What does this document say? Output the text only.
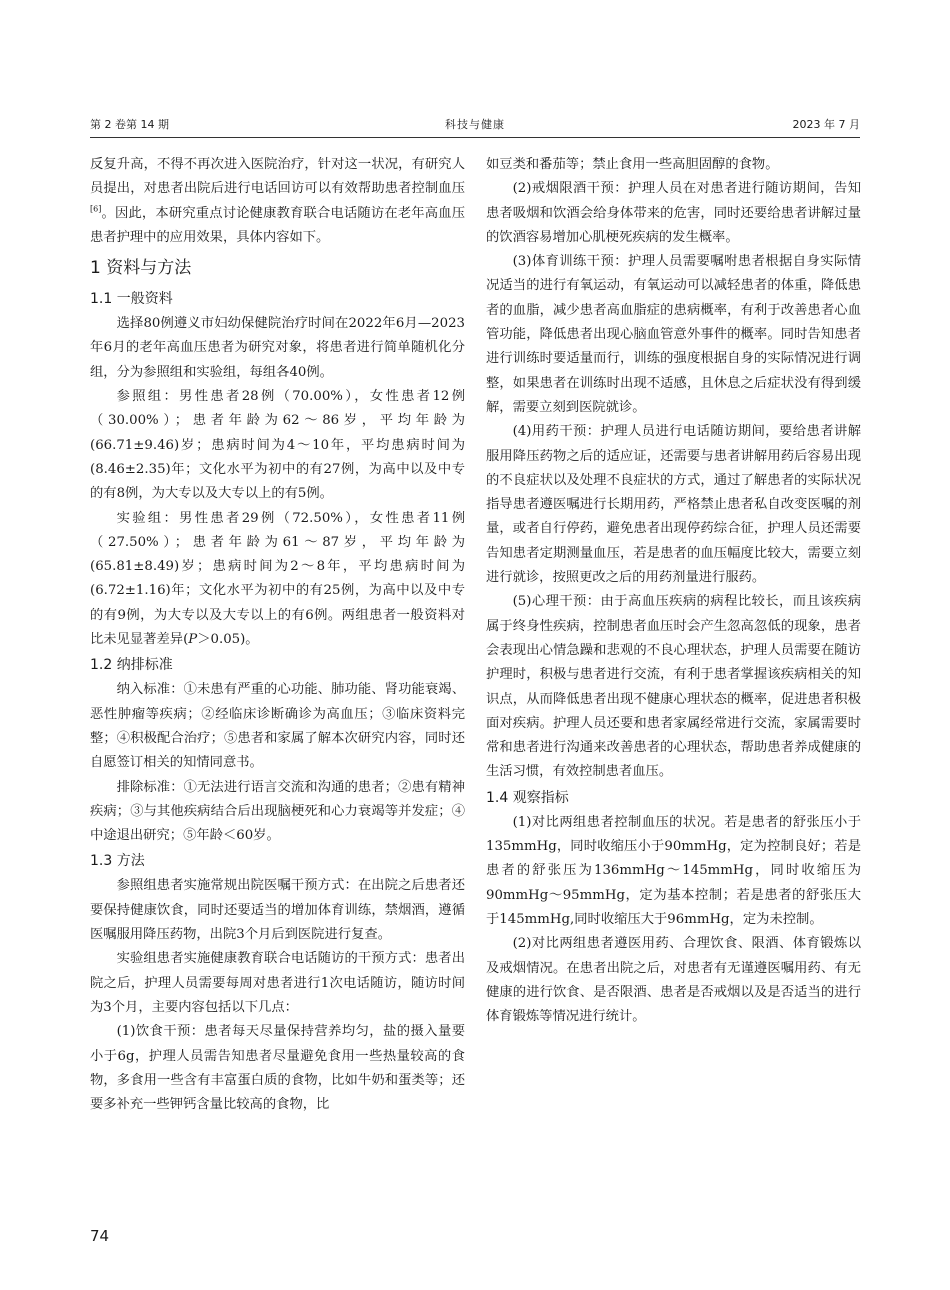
第 2 卷第 14 期	科技与健康	2023 年 7 月

反复升高，不得不再次进入医院治疗，针对这一状况，有研究人员提出，对患者出院后进行电话回访可以有效帮助患者控制血压[6]。因此，本研究重点讨论健康教育联合电话随访在老年高血压患者护理中的应用效果，具体内容如下。

1 资料与方法
1.1 一般资料

选择80例遵义市妇幼保健院治疗时间在2022年6月—2023年6月的老年高血压患者为研究对象，将患者进行简单随机化分组，分为参照组和实验组，每组各40例。

参照组：男性患者28例（70.00%），女性患者12例（30.00%）；患者年龄为62～86岁，平均年龄为(66.71±9.46)岁；患病时间为4～10年，平均患病时间为(8.46±2.35)年；文化水平为初中的有27例，为高中以及中专的有8例，为大专以及大专以上的有5例。

实验组：男性患者29例（72.50%），女性患者11例（27.50%）；患者年龄为61～87岁，平均年龄为(65.81±8.49)岁；患病时间为2～8年，平均患病时间为(6.72±1.16)年；文化水平为初中的有25例，为高中以及中专的有9例，为大专以及大专以上的有6例。两组患者一般资料对比未见显著差异(P＞0.05)。

1.2 纳排标准

纳入标准：①未患有严重的心功能、肺功能、肾功能衰竭、恶性肿瘤等疾病；②经临床诊断确诊为高血压；③临床资料完整；④积极配合治疗；⑤患者和家属了解本次研究内容，同时还自愿签订相关的知情同意书。

排除标准：①无法进行语言交流和沟通的患者；②患有精神疾病；③与其他疾病结合后出现脑梗死和心力衰竭等并发症；④中途退出研究；⑤年龄＜60岁。

1.3 方法

参照组患者实施常规出院医嘱干预方式：在出院之后患者还要保持健康饮食，同时还要适当的增加体育训练，禁烟酒，遵循医嘱服用降压药物，出院3个月后到医院进行复查。

实验组患者实施健康教育联合电话随访的干预方式：患者出院之后，护理人员需要每周对患者进行1次电话随访，随访时间为3个月，主要内容包括以下几点：

(1)饮食干预：患者每天尽量保持营养均匀，盐的摄入量要小于6g，护理人员需告知患者尽量避免食用一些热量较高的食物，多食用一些含有丰富蛋白质的食物，比如牛奶和蛋类等；还要多补充一些钾钙含量比较高的食物，比

如豆类和番茄等；禁止食用一些高胆固醇的食物。

(2)戒烟限酒干预：护理人员在对患者进行随访期间，告知患者吸烟和饮酒会给身体带来的危害，同时还要给患者讲解过量的饮酒容易增加心肌梗死疾病的发生概率。

(3)体育训练干预：护理人员需要嘱咐患者根据自身实际情况适当的进行有氧运动，有氧运动可以减轻患者的体重，降低患者的血脂，减少患者高血脂症的患病概率，有利于改善患者心血管功能，降低患者出现心脑血管意外事件的概率。同时告知患者进行训练时要适量而行，训练的强度根据自身的实际情况进行调整，如果患者在训练时出现不适感，且休息之后症状没有得到缓解，需要立刻到医院就诊。

(4)用药干预：护理人员进行电话随访期间，要给患者讲解服用降压药物之后的适应证，还需要与患者讲解用药后容易出现的不良症状以及处理不良症状的方式，通过了解患者的实际状况指导患者遵医嘱进行长期用药，严格禁止患者私自改变医嘱的剂量，或者自行停药，避免患者出现停药综合征，护理人员还需要告知患者定期测量血压，若是患者的血压幅度比较大，需要立刻进行就诊，按照更改之后的用药剂量进行服药。

(5)心理干预：由于高血压疾病的病程比较长，而且该疾病属于终身性疾病，控制患者血压时会产生忽高忽低的现象，患者会表现出心情急躁和悲观的不良心理状态，护理人员需要在随访护理时，积极与患者进行交流，有利于患者掌握该疾病相关的知识点，从而降低患者出现不健康心理状态的概率，促进患者积极面对疾病。护理人员还要和患者家属经常进行交流，家属需要时常和患者进行沟通来改善患者的心理状态，帮助患者养成健康的生活习惯，有效控制患者血压。

1.4 观察指标

(1)对比两组患者控制血压的状况。若是患者的舒张压小于135mmHg，同时收缩压小于90mmHg，定为控制良好；若是患者的舒张压为136mmHg～145mmHg，同时收缩压为90mmHg～95mmHg，定为基本控制；若是患者的舒张压大于145mmHg,同时收缩压大于96mmHg，定为未控制。

(2)对比两组患者遵医用药、合理饮食、限酒、体育锻炼以及戒烟情况。在患者出院之后，对患者有无谨遵医嘱用药、有无健康的进行饮食、是否限酒、患者是否戒烟以及是否适当的进行体育锻炼等情况进行统计。

74
